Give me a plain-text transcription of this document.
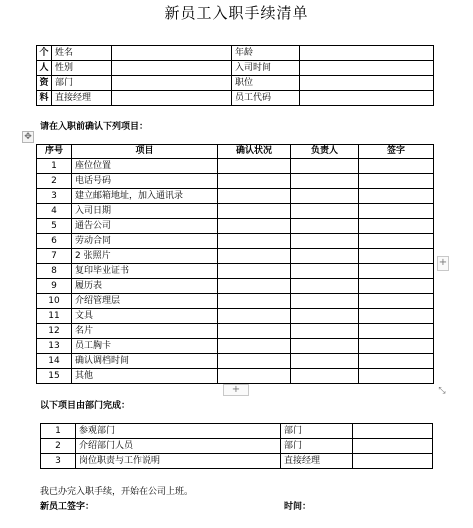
新员工入职手续清单
个	姓名		年龄	
人	性别		入司时间	
资	部门		职位	
料	直接经理		员工代码	
请在入职前确认下列项目：
✥
序号	项目	确认状况	负责人	签字
1	座位位置			
2	电话号码			
3	建立邮箱地址，加入通讯录			
4	入司日期			
5	通告公司			
6	劳动合同			
7	2 张照片			
8	复印毕业证书			
9	履历表			
10	介绍管理层			
11	文具			
12	名片			
13	员工胸卡			
14	确认调档时间			
15	其他			
+
+	⤡
以下项目由部门完成：
1	参观部门	部门	
2	介绍部门人员	部门	
3	岗位职责与工作说明	直接经理	
我已办完入职手续，开始在公司上班。
新员工签字：	时间：
